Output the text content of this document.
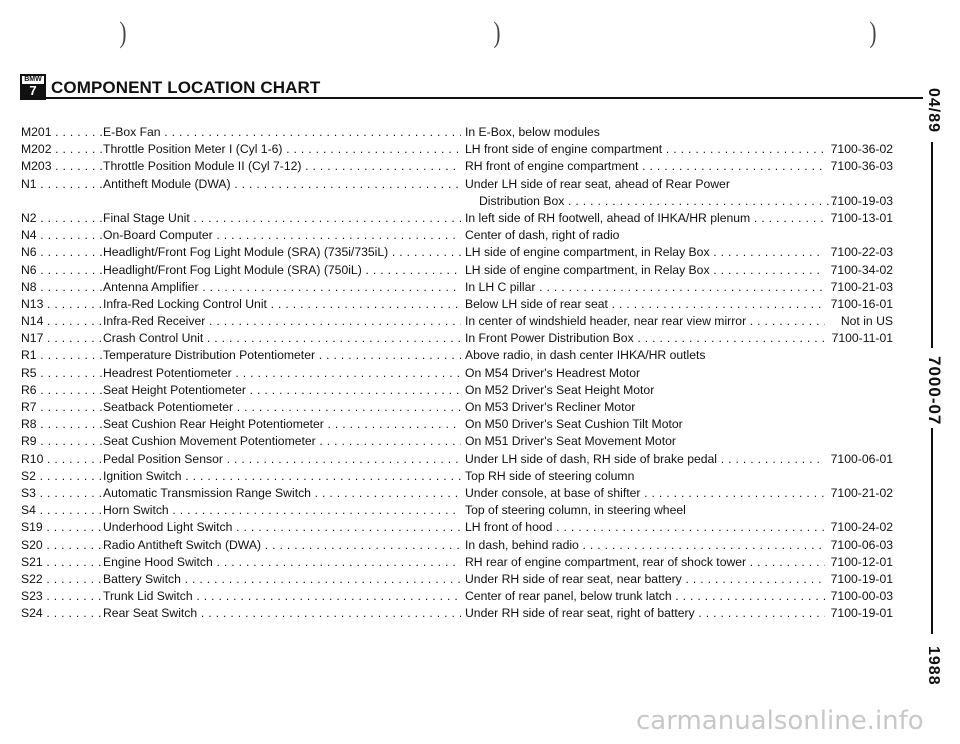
)	)	)
BMW
7 COMPONENT LOCATION CHART
M201 . . .	E-Box Fan . . .	In E-Box, below modules
M202 . . .	Throttle Position Meter I (Cyl 1-6) . . .	LH front side of engine compartment . . .	7100-36-02
M203 . . .	Throttle Position Module II (Cyl 7-12) . . .	RH front of engine compartment . . .	7100-36-03
N1 . . .	Antitheft Module (DWA) . . .	Under LH side of rear seat, ahead of Rear Power
Distribution Box . . .	7100-19-03
N2 . . .	Final Stage Unit . . .	In left side of RH footwell, ahead of IHKA/HR plenum . . .	7100-13-01
N4 . . .	On-Board Computer . . .	Center of dash, right of radio
N6 . . .	Headlight/Front Fog Light Module (SRA) (735i/735iL) . . .	LH side of engine compartment, in Relay Box . . .	7100-22-03
N6 . . .	Headlight/Front Fog Light Module (SRA) (750iL) . . .	LH side of engine compartment, in Relay Box . . .	7100-34-02
N8 . . .	Antenna Amplifier . . .	In LH C pillar . . .	7100-21-03
N13 . . .	Infra-Red Locking Control Unit . . .	Below LH side of rear seat . . .	7100-16-01
N14 . . .	Infra-Red Receiver . . .	In center of windshield header, near rear view mirror . . .	Not in US
N17 . . .	Crash Control Unit . . .	In Front Power Distribution Box . . .	7100-11-01
R1 . . .	Temperature Distribution Potentiometer . . .	Above radio, in dash center IHKA/HR outlets
R5 . . .	Headrest Potentiometer . . .	On M54 Driver's Headrest Motor
R6 . . .	Seat Height Potentiometer . . .	On M52 Driver's Seat Height Motor
R7 . . .	Seatback Potentiometer . . .	On M53 Driver's Recliner Motor
R8 . . .	Seat Cushion Rear Height Potentiometer . . .	On M50 Driver's Seat Cushion Tilt Motor
R9 . . .	Seat Cushion Movement Potentiometer . . .	On M51 Driver's Seat Movement Motor
R10 . . .	Pedal Position Sensor . . .	Under LH side of dash, RH side of brake pedal . . .	7100-06-01
S2 . . .	Ignition Switch . . .	Top RH side of steering column
S3 . . .	Automatic Transmission Range Switch . . .	Under console, at base of shifter . . .	7100-21-02
S4 . . .	Horn Switch . . .	Top of steering column, in steering wheel
S19 . . .	Underhood Light Switch . . .	LH front of hood . . .	7100-24-02
S20 . . .	Radio Antitheft Switch (DWA) . . .	In dash, behind radio . . .	7100-06-03
S21 . . .	Engine Hood Switch . . .	RH rear of engine compartment, rear of shock tower . . .	7100-12-01
S22 . . .	Battery Switch . . .	Under RH side of rear seat, near battery . . .	7100-19-01
S23 . . .	Trunk Lid Switch . . .	Center of rear panel, below trunk latch . . .	7100-00-03
S24 . . .	Rear Seat Switch . . .	Under RH side of rear seat, right of battery . . .	7100-19-01
04/89
7000-07
1988
carmanualsonline.info
